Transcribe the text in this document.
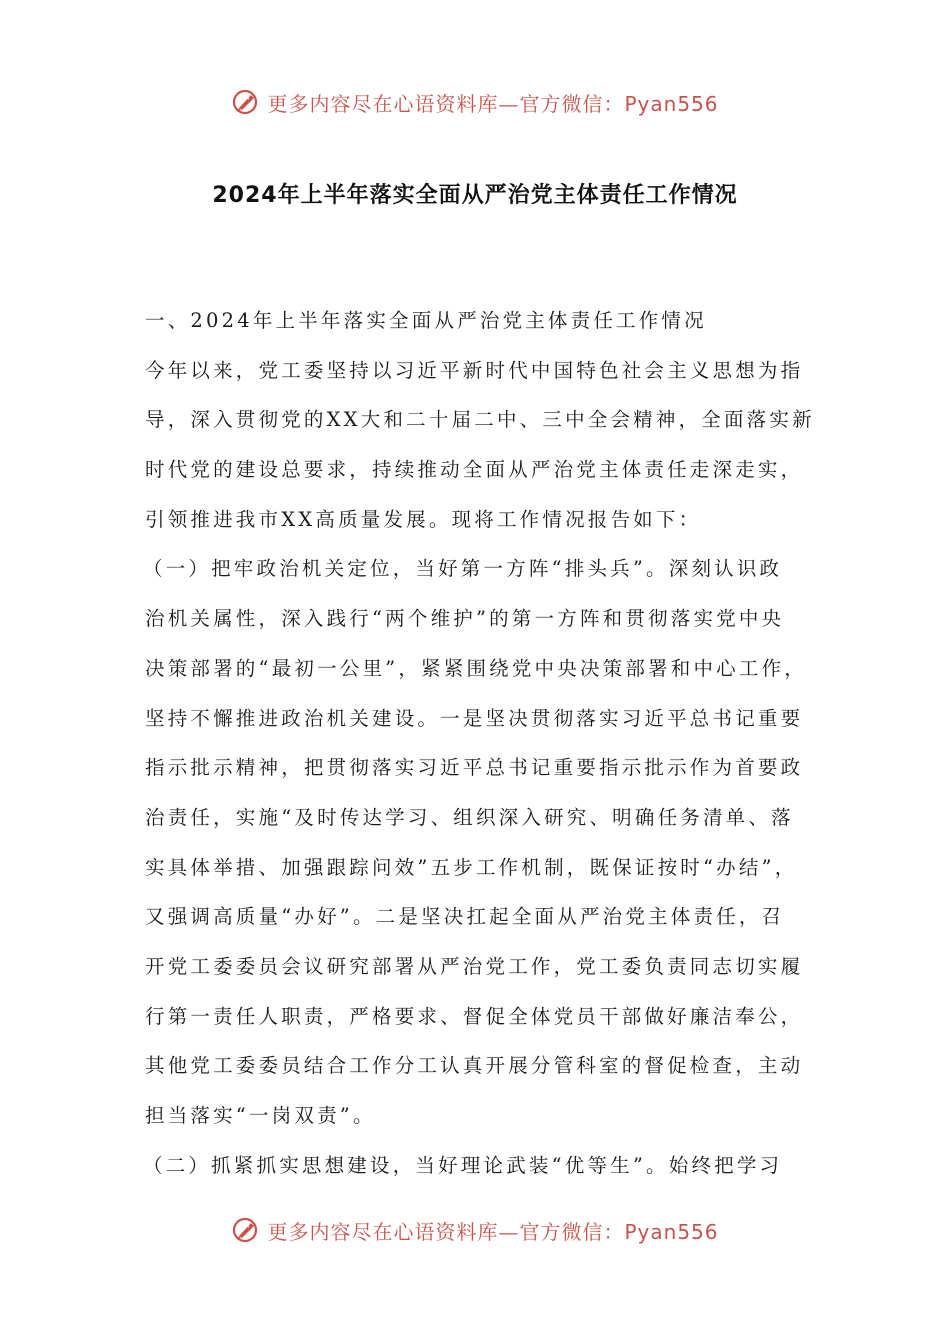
更多内容尽在心语资料库—官方微信：Pyan556
2024年上半年落实全面从严治党主体责任工作情况
一、2024年上半年落实全面从严治党主体责任工作情况
今年以来，党工委坚持以习近平新时代中国特色社会主义思想为指
导，深入贯彻党的XX大和二十届二中、三中全会精神，全面落实新
时代党的建设总要求，持续推动全面从严治党主体责任走深走实，
引领推进我市XX高质量发展。现将工作情况报告如下：
（一）把牢政治机关定位，当好第一方阵“排头兵”。深刻认识政
治机关属性，深入践行“两个维护”的第一方阵和贯彻落实党中央
决策部署的“最初一公里”，紧紧围绕党中央决策部署和中心工作，
坚持不懈推进政治机关建设。一是坚决贯彻落实习近平总书记重要
指示批示精神，把贯彻落实习近平总书记重要指示批示作为首要政
治责任，实施“及时传达学习、组织深入研究、明确任务清单、落
实具体举措、加强跟踪问效”五步工作机制，既保证按时“办结”，
又强调高质量“办好”。二是坚决扛起全面从严治党主体责任，召
开党工委委员会议研究部署从严治党工作，党工委负责同志切实履
行第一责任人职责，严格要求、督促全体党员干部做好廉洁奉公，
其他党工委委员结合工作分工认真开展分管科室的督促检查，主动
担当落实“一岗双责”。
（二）抓紧抓实思想建设，当好理论武装“优等生”。始终把学习
更多内容尽在心语资料库—官方微信：Pyan556
